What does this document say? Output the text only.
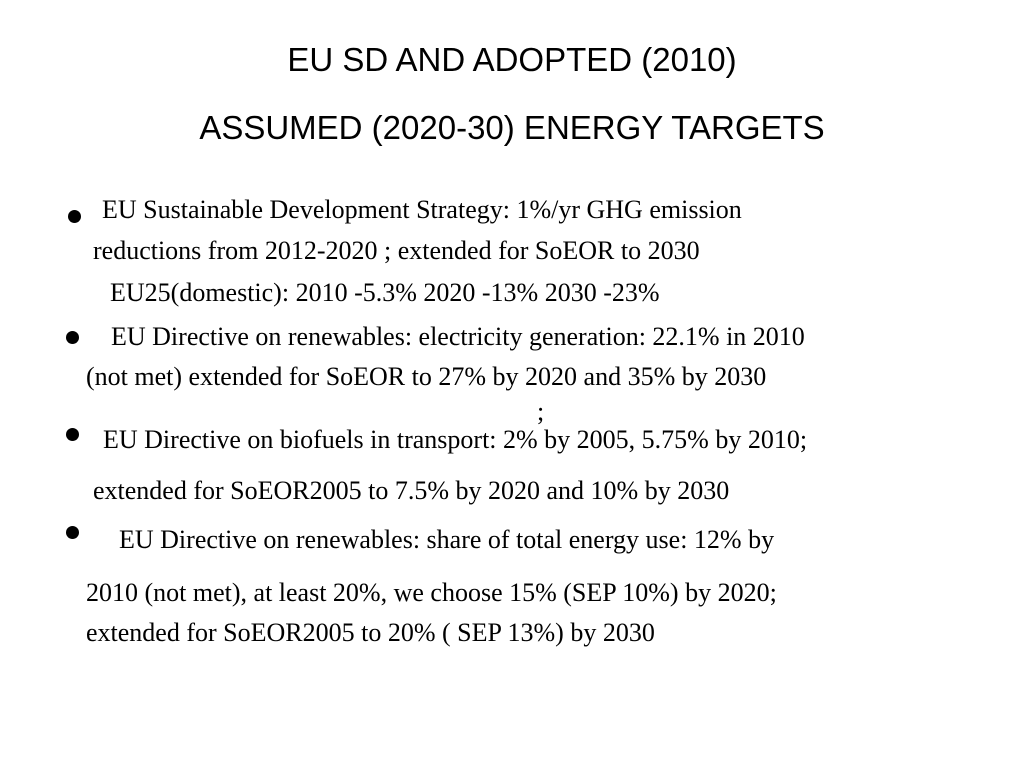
EU SD AND ADOPTED (2010)
ASSUMED (2020-30) ENERGY TARGETS
EU Sustainable Development Strategy: 1%/yr GHG emission
reductions from 2012-2020 ; extended for SoEOR to 2030
EU25(domestic): 2010 -5.3% 2020 -13% 2030 -23%
EU Directive on renewables: electricity generation: 22.1% in 2010
(not met) extended for SoEOR to 27% by 2020 and 35% by 2030
;
EU Directive on biofuels in transport: 2% by 2005, 5.75% by 2010;
extended for SoEOR2005 to 7.5% by 2020 and 10% by 2030
EU Directive on renewables: share of total energy use: 12% by
2010 (not met), at least 20%, we choose 15% (SEP 10%) by 2020;
extended for SoEOR2005 to 20% ( SEP 13%) by 2030
